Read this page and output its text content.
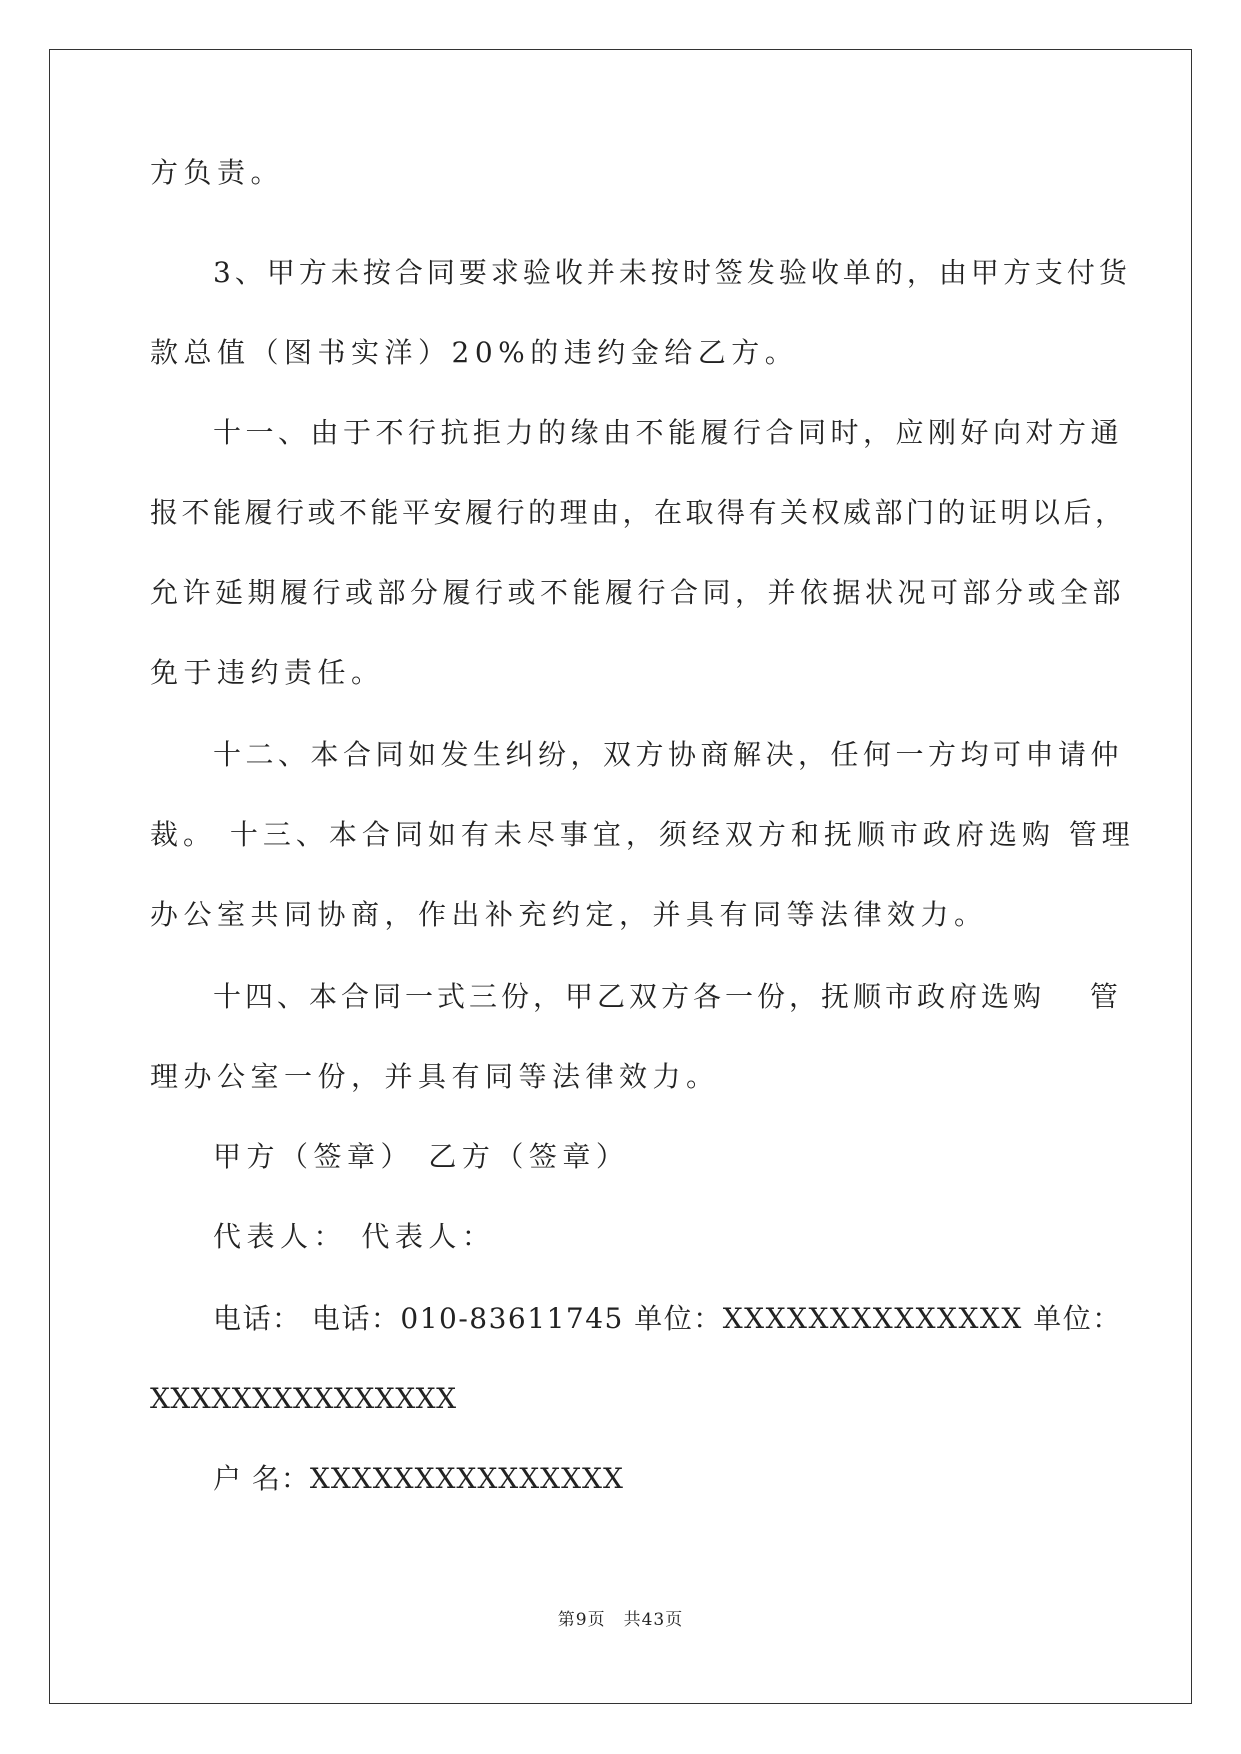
方负责。
3、甲方未按合同要求验收并未按时签发验收单的，由甲方支付货
款总值（图书实洋）20%的违约金给乙方。
十一、由于不行抗拒力的缘由不能履行合同时，应刚好向对方通
报不能履行或不能平安履行的理由，在取得有关权威部门的证明以后，
允许延期履行或部分履行或不能履行合同，并依据状况可部分或全部
免于违约责任。
十二、本合同如发生纠纷，双方协商解决，任何一方均可申请仲
裁。 十三、本合同如有未尽事宜，须经双方和抚顺市政府选购 管理
办公室共同协商，作出补充约定，并具有同等法律效力。
十四、本合同一式三份，甲乙双方各一份，抚顺市政府选购　 管
理办公室一份，并具有同等法律效力。
甲方（签章） 乙方（签章）
代表人： 代表人：
电话： 电话：010-83611745 单位：XXXXXXXXXXXXXX 单位：
XXXXXXXXXXXXXXX
户 名：XXXXXXXXXXXXXXX
第9页　共43页
